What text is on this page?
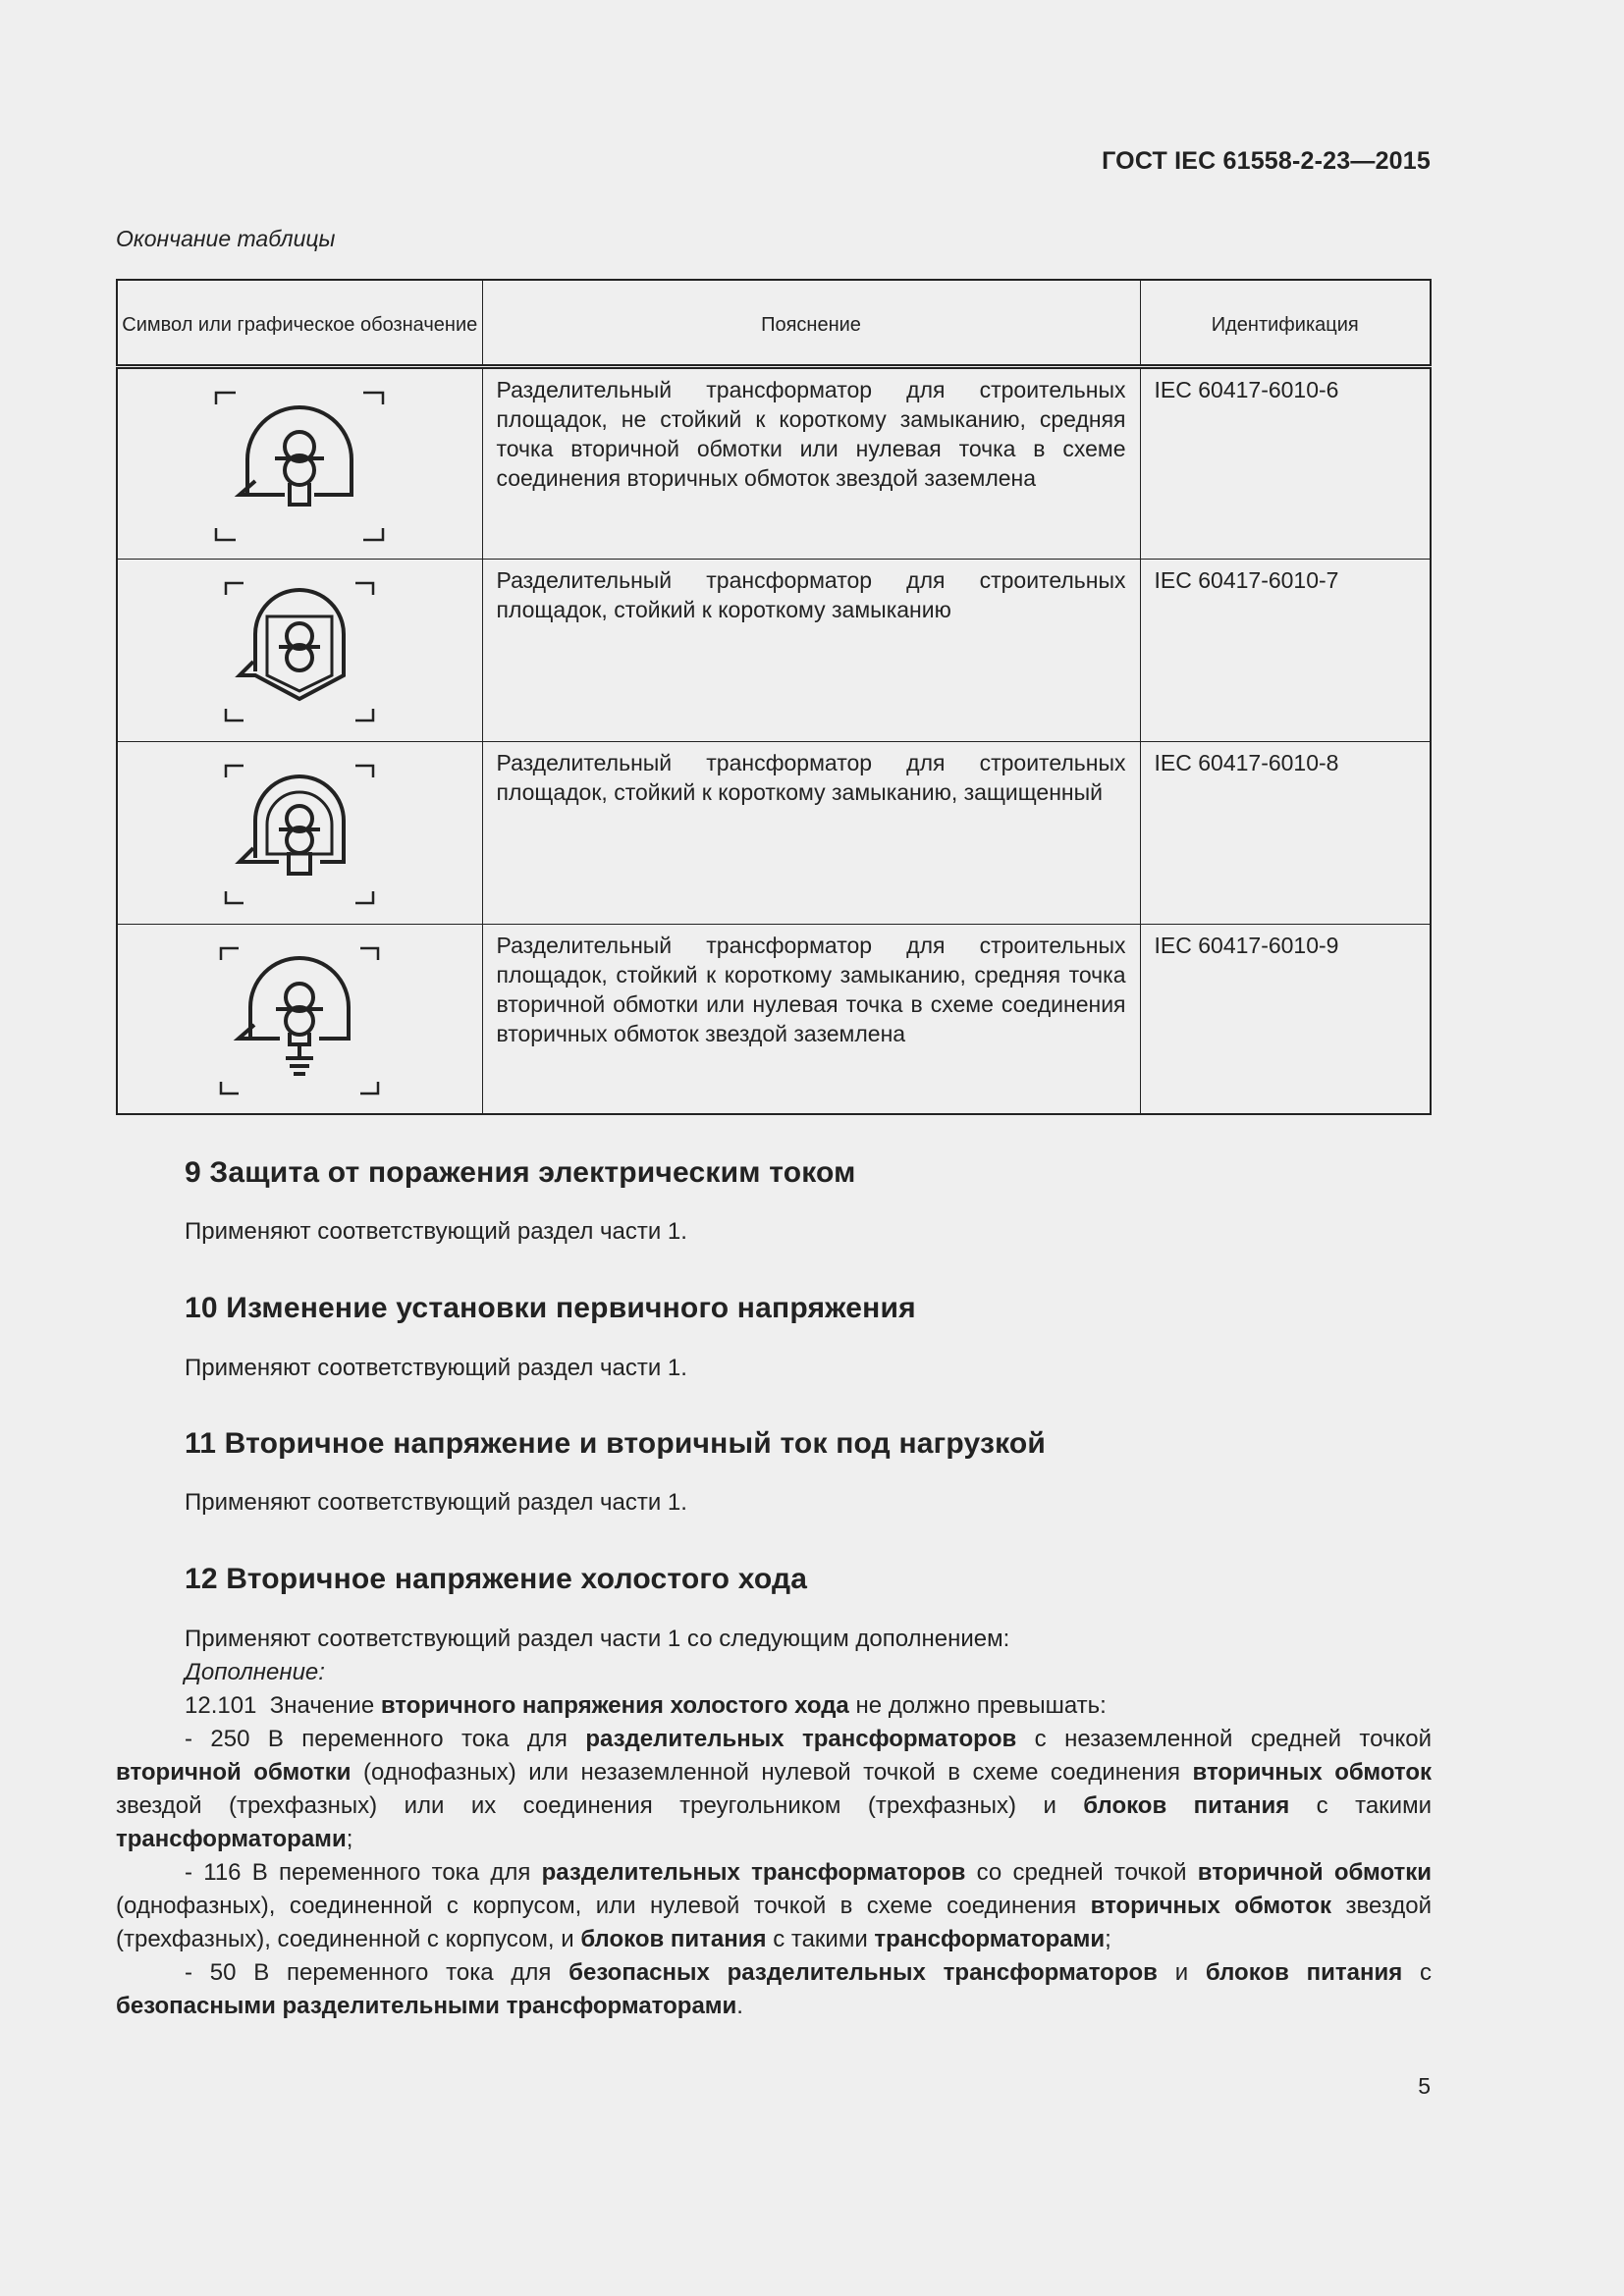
ГОСТ IEC 61558-2-23—2015
Окончание таблицы
Символ или графическое обозначение	Пояснение	Идентификация

	Разделительный трансформатор для строительных площадок, не стойкий к короткому замыканию, средняя точка вторичной обмотки или нулевая точка в схеме соединения вторичных обмоток звездой заземлена	IEC 60417-6010-6

	Разделительный трансформатор для строительных площадок, стойкий к короткому замыканию	IEC 60417-6010-7

	Разделительный трансформатор для строительных площадок, стойкий к короткому замыканию, защищенный	IEC 60417-6010-8

	Разделительный трансформатор для строительных площадок, стойкий к короткому замыканию, средняя точка вторичной обмотки или нулевая точка в схеме соединения вторичных обмоток звездой заземлена	IEC 60417-6010-9
9 Защита от поражения электрическим током
Применяют соответствующий раздел части 1.
10 Изменение установки первичного напряжения
Применяют соответствующий раздел части 1.
11 Вторичное напряжение и вторичный ток под нагрузкой
Применяют соответствующий раздел части 1.
12 Вторичное напряжение холостого хода
Применяют соответствующий раздел части 1 со следующим дополнением:
Дополнение:
12.101 Значение вторичного напряжения холостого хода не должно превышать:
- 250 В переменного тока для разделительных трансформаторов с незаземленной средней точкой вторичной обмотки (однофазных) или незаземленной нулевой точкой в схеме соединения вторичных обмоток звездой (трехфазных) или их соединения треугольником (трехфазных) и блоков питания с такими трансформаторами;
- 116 В переменного тока для разделительных трансформаторов со средней точкой вторичной обмотки (однофазных), соединенной с корпусом, или нулевой точкой в схеме соединения вторичных обмоток звездой (трехфазных), соединенной с корпусом, и блоков питания с такими трансформаторами;
- 50 В переменного тока для безопасных разделительных трансформаторов и блоков питания с безопасными разделительными трансформаторами.
5
